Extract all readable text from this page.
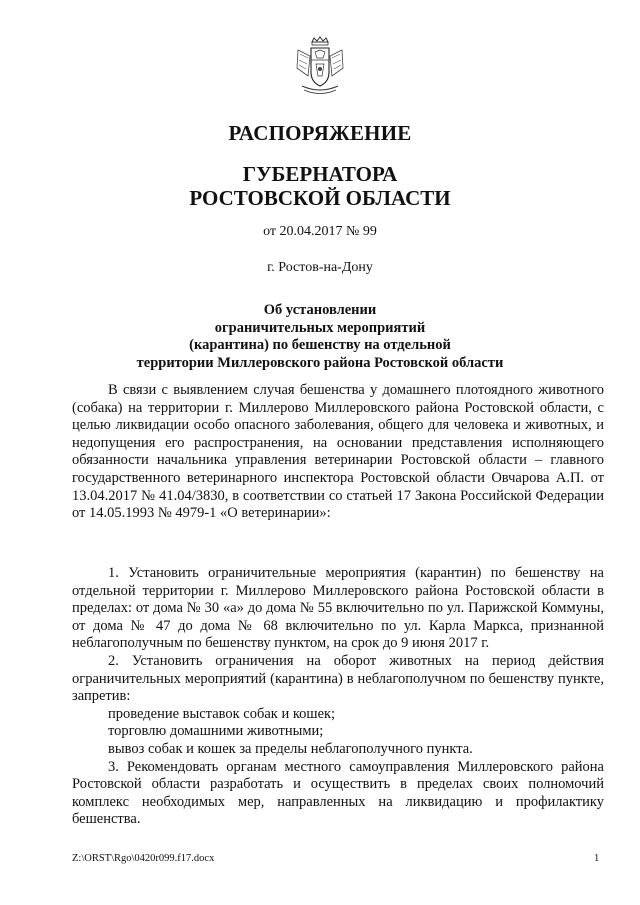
РАСПОРЯЖЕНИЕ
ГУБЕРНАТОРА
РОСТОВСКОЙ ОБЛАСТИ
от 20.04.2017 № 99
г. Ростов-на-Дону
Об установлении
ограничительных мероприятий
(карантина) по бешенству на отдельной
территории Миллеровского района Ростовской области
В связи с выявлением случая бешенства у домашнего плотоядного животного (собака) на территории г. Миллерово Миллеровского района Ростовской области, с целью ликвидации особо опасного заболевания, общего для человека и животных, и недопущения его распространения, на основании представления исполняющего обязанности начальника управления ветеринарии Ростовской области – главного государственного ветеринарного инспектора Ростовской области Овчарова А.П. от 13.04.2017 № 41.04/3830, в соответствии со статьей 17 Закона Российской Федерации от 14.05.1993 № 4979-1 «О ветеринарии»:

1. Установить ограничительные мероприятия (карантин) по бешенству на отдельной территории г. Миллерово Миллеровского района Ростовской области в пределах: от дома № 30 «а» до дома № 55 включительно по ул. Парижской Коммуны, от дома № 47 до дома № 68 включительно по ул. Карла Маркса, признанной неблагополучным по бешенству пунктом, на срок до 9 июня 2017 г.

2. Установить ограничения на оборот животных на период действия ограничительных мероприятий (карантина) в неблагополучном по бешенству пункте, запретив:

проведение выставок собак и кошек;

торговлю домашними животными;

вывоз собак и кошек за пределы неблагополучного пункта.

3. Рекомендовать органам местного самоуправления Миллеровского района Ростовской области разработать и осуществить в пределах своих полномочий комплекс необходимых мер, направленных на ликвидацию и профилактику бешенства.

Z:\ORST\Rgo\0420r099.f17.docx	1
